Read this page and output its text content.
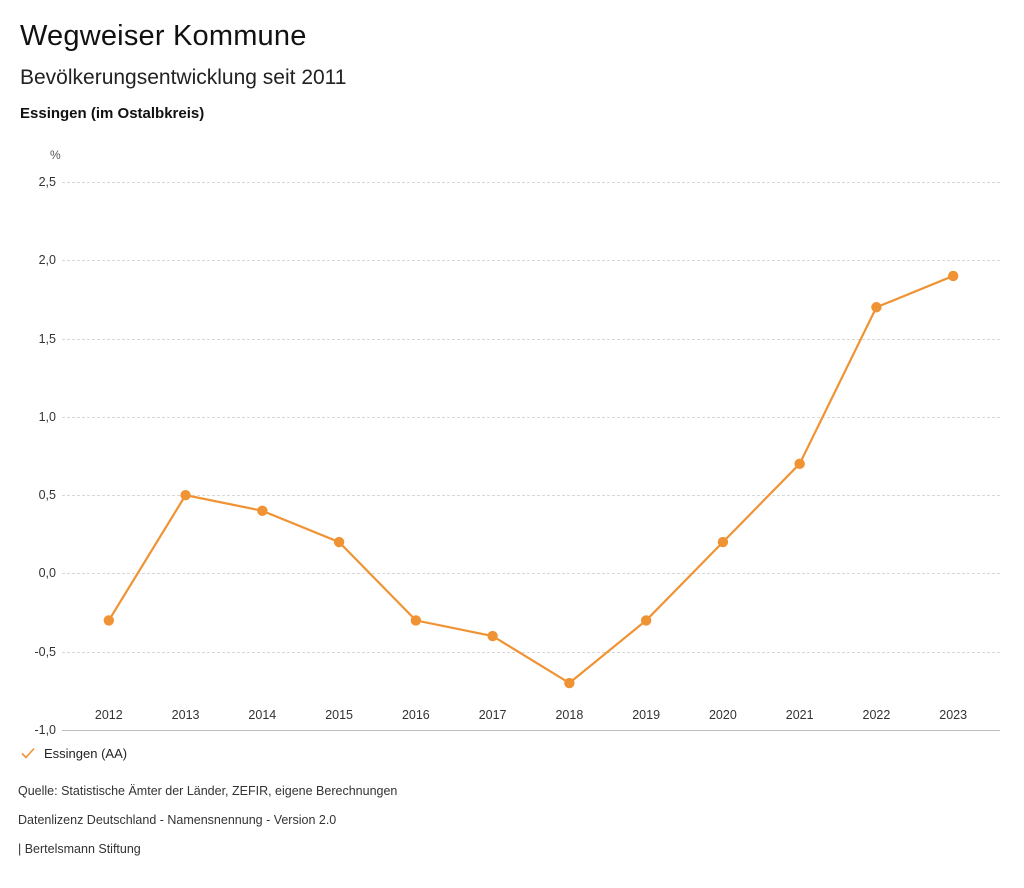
Wegweiser Kommune
Bevölkerungsentwicklung seit 2011
Essingen (im Ostalbkreis)
%
2,5
2,0
1,5
1,0
0,5
0,0
-0,5
-1,0
2012	2013	2014	2015	2016	2017	2018	2019	2020	2021	2022	2023
Essingen (AA)
Quelle: Statistische Ämter der Länder, ZEFIR, eigene Berechnungen
Datenlizenz Deutschland - Namensnennung - Version 2.0
| Bertelsmann Stiftung
